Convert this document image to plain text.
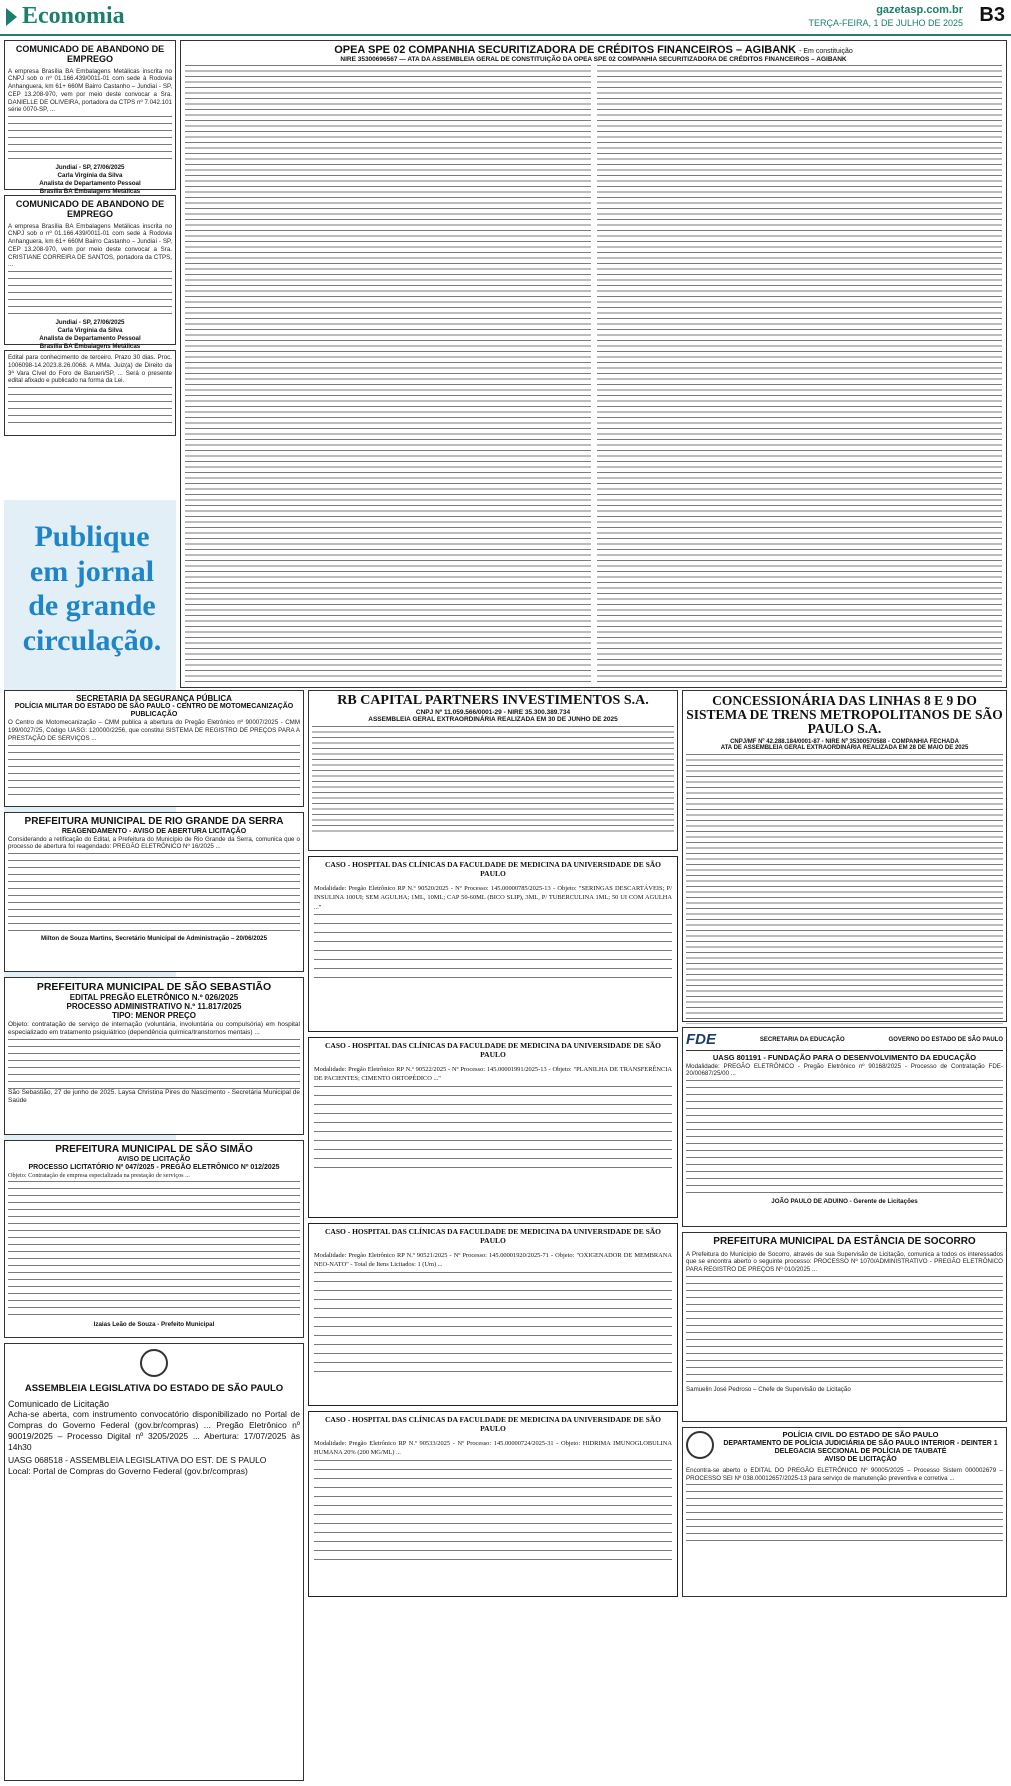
Economia	gazetasp.com.br
TERÇA-FEIRA, 1 DE JULHO DE 2025 B3
COMUNICADO DE ABANDONO DE EMPREGO
A empresa Brasília BA Embalagens Metálicas inscrita no CNPJ sob o nº 01.166.439/0011-01 com sede à Rodovia Anhanguera, km 61+ 660M Bairro Castanho – Jundiaí - SP, CEP 13.208-970, vem por meio deste convocar a Sra. DANIELLE DE OLIVEIRA, portadora da CTPS nº 7.042.101 série 0070-SP, ...
Jundiaí - SP, 27/06/2025
Carla Virgínia da Silva
Analista de Departamento Pessoal
Brasília BA Embalagens Metálicas
COMUNICADO DE ABANDONO DE EMPREGO
A empresa Brasília BA Embalagens Metálicas inscrita no CNPJ sob o nº 01.166.439/0011-01 com sede à Rodovia Anhanguera, km 61+ 660M Bairro Castanho – Jundiaí - SP, CEP 13.208-970, vem por meio deste convocar a Sra. CRISTIANE CORREIRA DE SANTOS, portadora da CTPS, ...
Jundiaí - SP, 27/06/2025
Carla Virgínia da Silva
Analista de Departamento Pessoal
Brasília BA Embalagens Metálicas
Edital para conhecimento de terceiro. Prazo 30 dias. Proc. 1006098-14.2023.8.26.0068. A MMa. Juiz(a) de Direito da 3ª Vara Cível do Foro de Barueri/SP, ... Será o presente edital afixado e publicado na forma da Lei.
Publique em jornal de grande circulação.
OPEA SPE 02 COMPANHIA SECURITIZADORA DE CRÉDITOS FINANCEIROS – AGIBANK - Em constituição
NIRE 35300696567 — ATA DA ASSEMBLEIA GERAL DE CONSTITUIÇÃO DA OPEA SPE 02 COMPANHIA SECURITIZADORA DE CRÉDITOS FINANCEIROS – AGIBANK
SECRETARIA DA SEGURANÇA PÚBLICA
POLÍCIA MILITAR DO ESTADO DE SÃO PAULO - CENTRO DE MOTOMECANIZAÇÃO
PUBLICAÇÃO
O Centro de Motomecanização – CMM publica a abertura do Pregão Eletrônico nº 90007/2025 - CMM 199/0027/25, Código UASG: 120000/2256, que constitui SISTEMA DE REGISTRO DE PREÇOS PARA A PRESTAÇÃO DE SERVIÇOS ...
PREFEITURA MUNICIPAL DE RIO GRANDE DA SERRA
REAGENDAMENTO - AVISO DE ABERTURA LICITAÇÃO
Considerando a retificação do Edital, a Prefeitura do Município de Rio Grande da Serra, comunica que o processo de abertura foi reagendado: PREGÃO ELETRÔNICO Nº 16/2025 ...
Milton de Souza Martins, Secretário Municipal de Administração – 20/06/2025
PREFEITURA MUNICIPAL DE SÃO SEBASTIÃO
EDITAL PREGÃO ELETRÔNICO N.º 026/2025
PROCESSO ADMINISTRATIVO N.º 11.817/2025
TIPO: MENOR PREÇO
Objeto: contratação de serviço de internação (voluntária, involuntária ou compulsória) em hospital especializado em tratamento psiquiátrico (dependência química/transtornos mentais) ...
São Sebastião, 27 de junho de 2025. Laysa Christina Pires do Nascimento - Secretária Municipal de Saúde
PREFEITURA MUNICIPAL DE SÃO SIMÃO
AVISO DE LICITAÇÃO
PROCESSO LICITATÓRIO Nº 047/2025 - PREGÃO ELETRÔNICO Nº 012/2025
Objeto: Contratação de empresa especializada na prestação de serviços ...
Izaias Leão de Souza - Prefeito Municipal
ASSEMBLEIA LEGISLATIVA DO ESTADO DE SÃO PAULO
Comunicado de Licitação
Acha-se aberta, com instrumento convocatório disponibilizado no Portal de Compras do Governo Federal (gov.br/compras) ... Pregão Eletrônico nº 90019/2025 – Processo Digital nº 3205/2025 ... Abertura: 17/07/2025 às 14h30
UASG 068518 - ASSEMBLEIA LEGISLATIVA DO EST. DE S PAULO
Local: Portal de Compras do Governo Federal (gov.br/compras)
RB CAPITAL PARTNERS INVESTIMENTOS S.A.
CNPJ Nº 11.059.566/0001-29 - NIRE 35.300.389.734
ASSEMBLEIA GERAL EXTRAORDINÁRIA REALIZADA EM 30 DE JUNHO DE 2025
CASO - HOSPITAL DAS CLÍNICAS DA FACULDADE DE MEDICINA DA UNIVERSIDADE DE SÃO PAULO
Modalidade: Pregão Eletrônico RP N.º 90520/2025 - Nº Processo: 145.00000785/2025-13 - Objeto: "SERINGAS DESCARTÁVEIS; P/ INSULINA 100UI; SEM AGULHA; 1ML, 10ML; CAP 50-60ML (BICO SLIP), 3ML, P/ TUBERCULINA 1ML; 50 UI COM AGULHA ..."
CASO - HOSPITAL DAS CLÍNICAS DA FACULDADE DE MEDICINA DA UNIVERSIDADE DE SÃO PAULO
Modalidade: Pregão Eletrônico RP N.º 90522/2025 - Nº Processo: 145.00001991/2025-13 - Objeto: "PLANILHA DE TRANSFERÊNCIA DE PACIENTES; CIMENTO ORTOPÉDICO ..."
CASO - HOSPITAL DAS CLÍNICAS DA FACULDADE DE MEDICINA DA UNIVERSIDADE DE SÃO PAULO
Modalidade: Pregão Eletrônico RP N.º 90521/2025 - Nº Processo: 145.00001920/2025-71 - Objeto: "OXIGENADOR DE MEMBRANA NEO-NATO" - Total de Itens Licitados: 1 (Um) ...
CASO - HOSPITAL DAS CLÍNICAS DA FACULDADE DE MEDICINA DA UNIVERSIDADE DE SÃO PAULO
Modalidade: Pregão Eletrônico RP N.º 90533/2025 - Nº Processo: 145.00000724/2025-31 - Objeto: HIDRIMA IMUNOGLOBULINA HUMANA 20% (200 MG/ML) ...
CONCESSIONÁRIA DAS LINHAS 8 E 9 DO SISTEMA DE TRENS METROPOLITANOS DE SÃO PAULO S.A.
CNPJ/MF Nº 42.288.184/0001-87 - NIRE Nº 35300570588 - COMPANHIA FECHADA
ATA DE ASSEMBLEIA GERAL EXTRAORDINÁRIA REALIZADA EM 28 DE MAIO DE 2025
FDE	SECRETARIA DA EDUCAÇÃO	GOVERNO DO ESTADO DE SÃO PAULO
UASG 801191 - FUNDAÇÃO PARA O DESENVOLVIMENTO DA EDUCAÇÃO
Modalidade: PREGÃO ELETRÔNICO - Pregão Eletrônico nº 90168/2025 - Processo de Contratação FDE-20/00687/25/00 ...
JOÃO PAULO DE ADUINO - Gerente de Licitações
PREFEITURA MUNICIPAL DA ESTÂNCIA DE SOCORRO
A Prefeitura do Município de Socorro, através de sua Supervisão de Licitação, comunica a todos os interessados que se encontra aberto o seguinte processo: PROCESSO Nº 1070/ADMINISTRATIVO - PREGÃO ELETRÔNICO PARA REGISTRO DE PREÇOS Nº 010/2025 ...
Samuelin José Pedroso – Chefe de Supervisão de Licitação
POLÍCIA CIVIL DO ESTADO DE SÃO PAULO
DEPARTAMENTO DE POLÍCIA JUDICIÁRIA DE SÃO PAULO INTERIOR - DEINTER 1
DELEGACIA SECCIONAL DE POLÍCIA DE TAUBATÉ
AVISO DE LICITAÇÃO
Encontra-se aberto o EDITAL DO PREGÃO ELETRÔNICO Nº 90005/2025 – Processo Sistem 000002679 – PROCESSO SEI Nº 038.00012657/2025-13 para serviço de manutenção preventiva e corretiva ...
